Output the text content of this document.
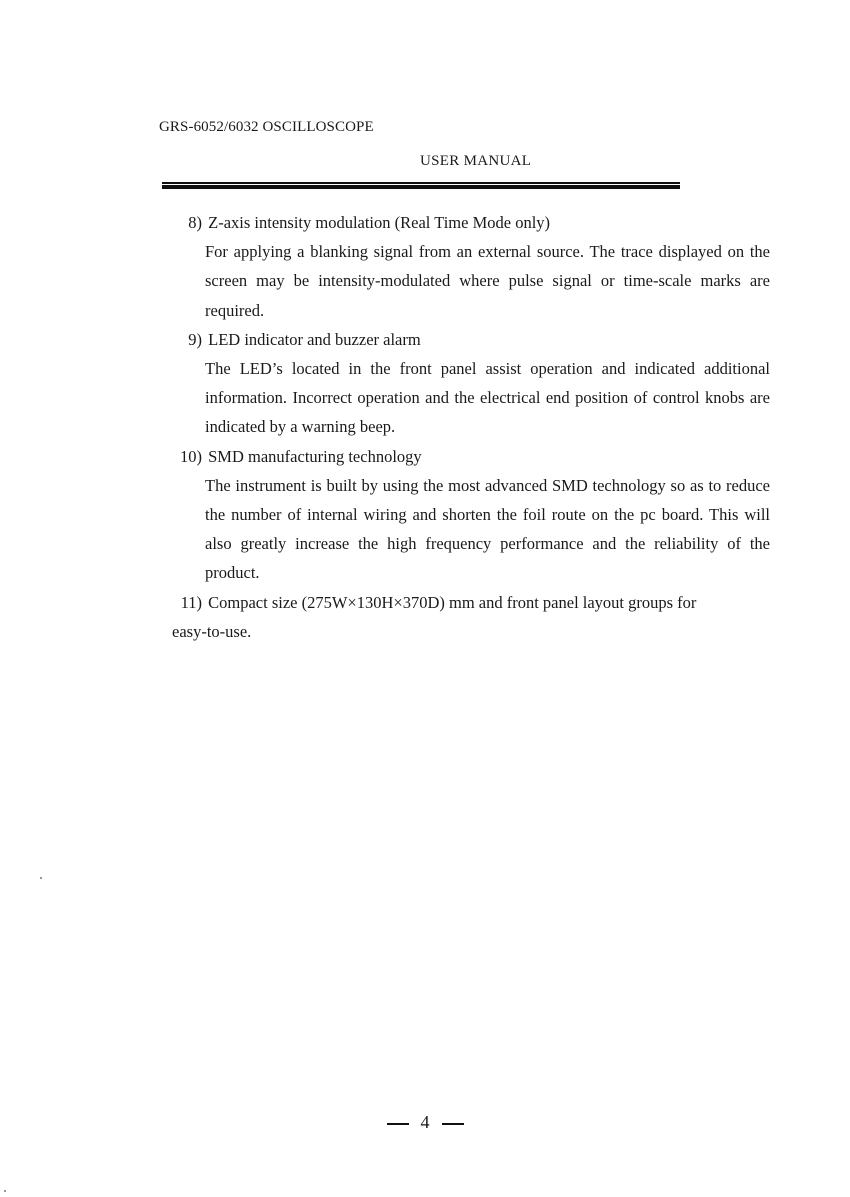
GRS-6052/6032 OSCILLOSCOPE
USER MANUAL
8) Z-axis intensity modulation (Real Time Mode only)

For applying a blanking signal from an external source. The trace displayed on the screen may be intensity-modulated where pulse signal or time-scale marks are required.

9) LED indicator and buzzer alarm

The LED’s located in the front panel assist operation and indicated additional information. Incorrect operation and the electrical end position of control knobs are indicated by a warning beep.

10) SMD manufacturing technology

The instrument is built by using the most advanced SMD technology so as to reduce the number of internal wiring and shorten the foil route on the pc board. This will also greatly increase the high frequency performance and the reliability of the product.

11) Compact size (275W×130H×370D) mm and front panel layout groups for

easy-to-use.

4
